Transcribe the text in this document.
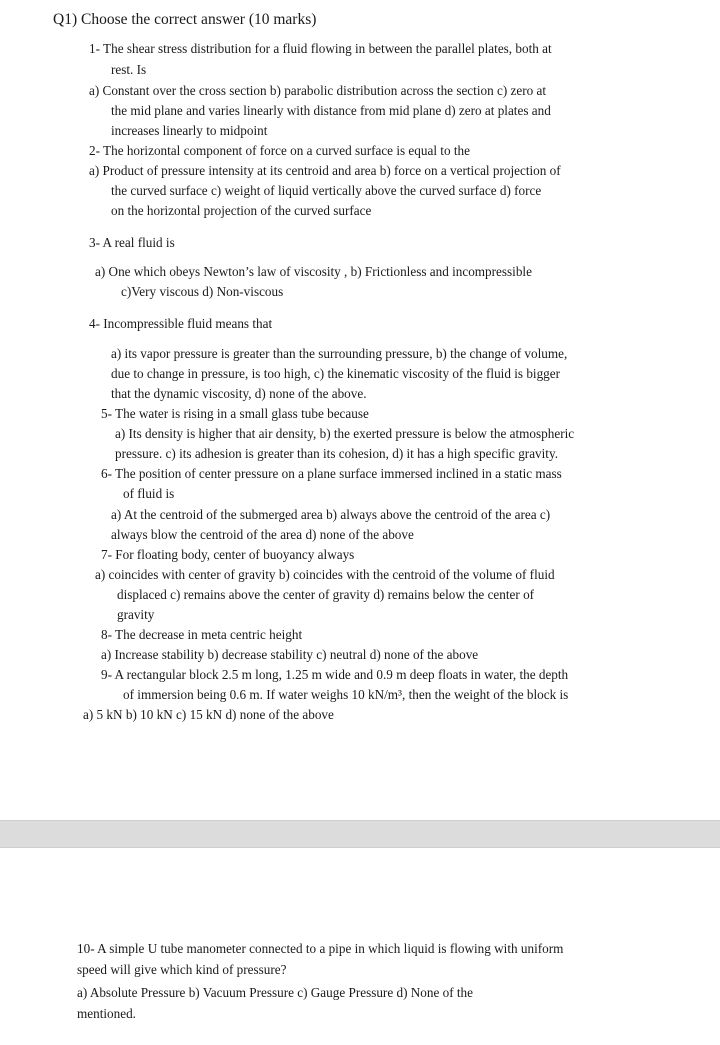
Q1) Choose the correct answer (10 marks)
1- The shear stress distribution for a fluid flowing in between the parallel plates, both at
rest. Is
a) Constant over the cross section b) parabolic distribution across the section c) zero at
the mid plane and varies linearly with distance from mid plane d) zero at plates and
increases linearly to midpoint
2- The horizontal component of force on a curved surface is equal to the
a) Product of pressure intensity at its centroid and area b) force on a vertical projection of
the curved surface c) weight of liquid vertically above the curved surface d) force
on the horizontal projection of the curved surface
3- A real fluid is
a) One which obeys Newton’s law of viscosity , b) Frictionless and incompressible
c)Very viscous d) Non-viscous
4- Incompressible fluid means that
a) its vapor pressure is greater than the surrounding pressure, b) the change of volume,
due to change in pressure, is too high, c) the kinematic viscosity of the fluid is bigger
that the dynamic viscosity, d) none of the above.
5- The water is rising in a small glass tube because
a) Its density is higher that air density, b) the exerted pressure is below the atmospheric
pressure. c) its adhesion is greater than its cohesion, d) it has a high specific gravity.
6- The position of center pressure on a plane surface immersed inclined in a static mass
of fluid is
a) At the centroid of the submerged area b) always above the centroid of the area c)
always blow the centroid of the area d) none of the above
7- For floating body, center of buoyancy always
a) coincides with center of gravity b) coincides with the centroid of the volume of fluid
displaced c) remains above the center of gravity d) remains below the center of
gravity
8- The decrease in meta centric height
a) Increase stability b) decrease stability c) neutral d) none of the above
9- A rectangular block 2.5 m long, 1.25 m wide and 0.9 m deep floats in water, the depth
of immersion being 0.6 m. If water weighs 10 kN/m³, then the weight of the block is
a) 5 kN b) 10 kN c) 15 kN d) none of the above
10- A simple U tube manometer connected to a pipe in which liquid is flowing with uniform
speed will give which kind of pressure?
a) Absolute Pressure b) Vacuum Pressure c) Gauge Pressure d) None of the
mentioned.
